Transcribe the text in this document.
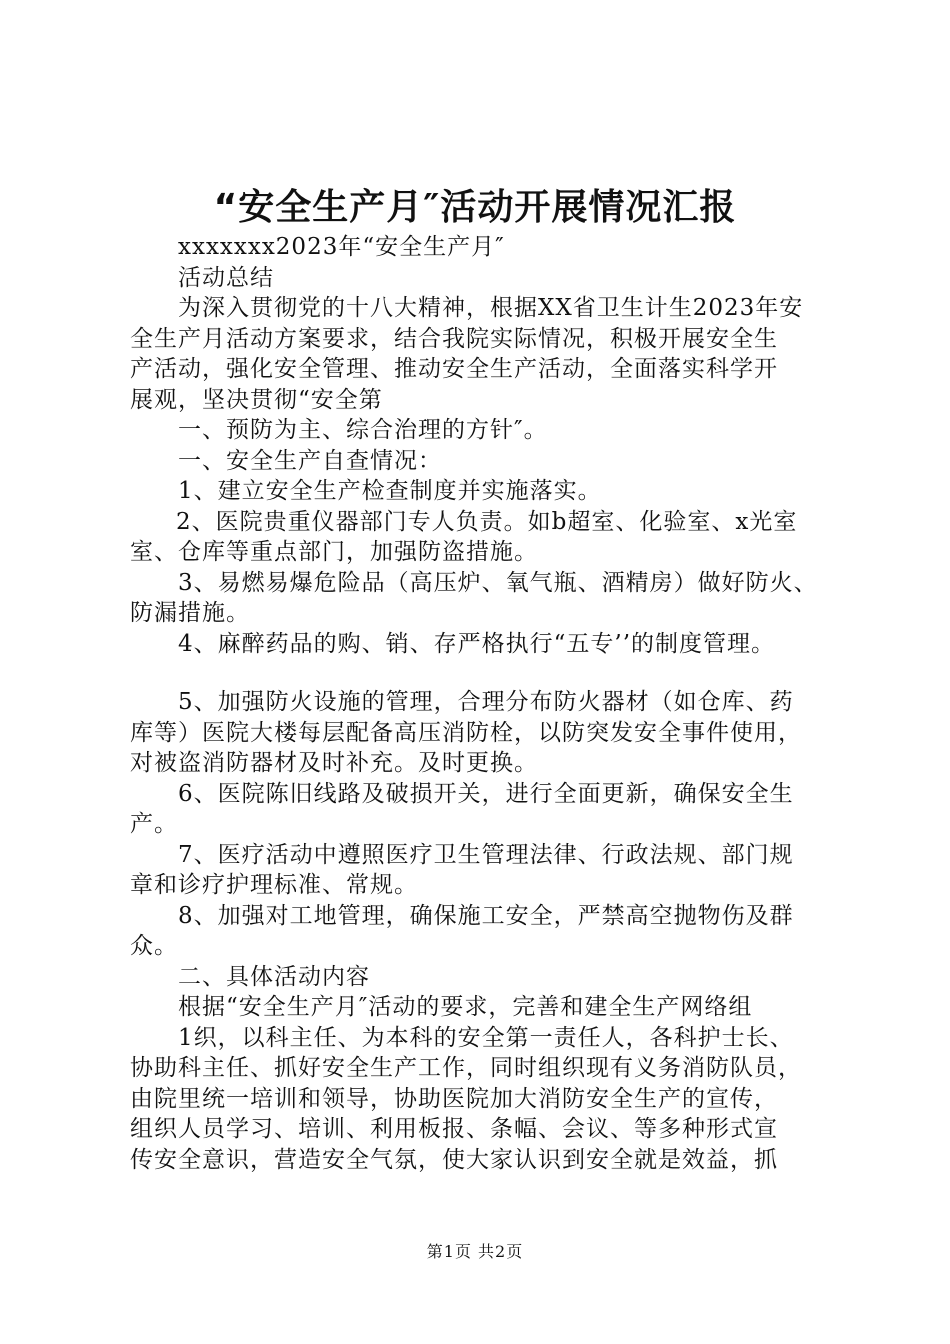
“安全生产月″活动开展情况汇报
xxxxxxx2023年“安全生产月″
活动总结
为深入贯彻党的十八大精神，根据XX省卫生计生2023年安
全生产月活动方案要求，结合我院实际情况，积极开展安全生
产活动，强化安全管理、推动安全生产活动，全面落实科学开
展观，坚决贯彻“安全第
一、预防为主、综合治理的方针″。
一、安全生产自查情况：
1、建立安全生产检查制度并实施落实。
2、医院贵重仪器部门专人负责。如b超室、化验室、x光室
室、仓库等重点部门，加强防盗措施。
3、易燃易爆危险品（高压炉、氧气瓶、酒精房）做好防火、
防漏措施。
4、麻醉药品的购、销、存严格执行“五专’’的制度管理。
5、加强防火设施的管理，合理分布防火器材（如仓库、药
库等）医院大楼每层配备高压消防栓，以防突发安全事件使用，
对被盗消防器材及时补充。及时更换。
6、医院陈旧线路及破损开关，进行全面更新，确保安全生
产。
7、医疗活动中遵照医疗卫生管理法律、行政法规、部门规
章和诊疗护理标准、常规。
8、加强对工地管理，确保施工安全，严禁高空抛物伤及群
众。
二、具体活动内容
根据“安全生产月″活动的要求，完善和建全生产网络组
1织，以科主任、为本科的安全第一责任人，各科护士长、
协助科主任、抓好安全生产工作，同时组织现有义务消防队员，
由院里统一培训和领导，协助医院加大消防安全生产的宣传，
组织人员学习、培训、利用板报、条幅、会议、等多种形式宣
传安全意识，营造安全气氛，使大家认识到安全就是效益，抓
第1页 共2页
